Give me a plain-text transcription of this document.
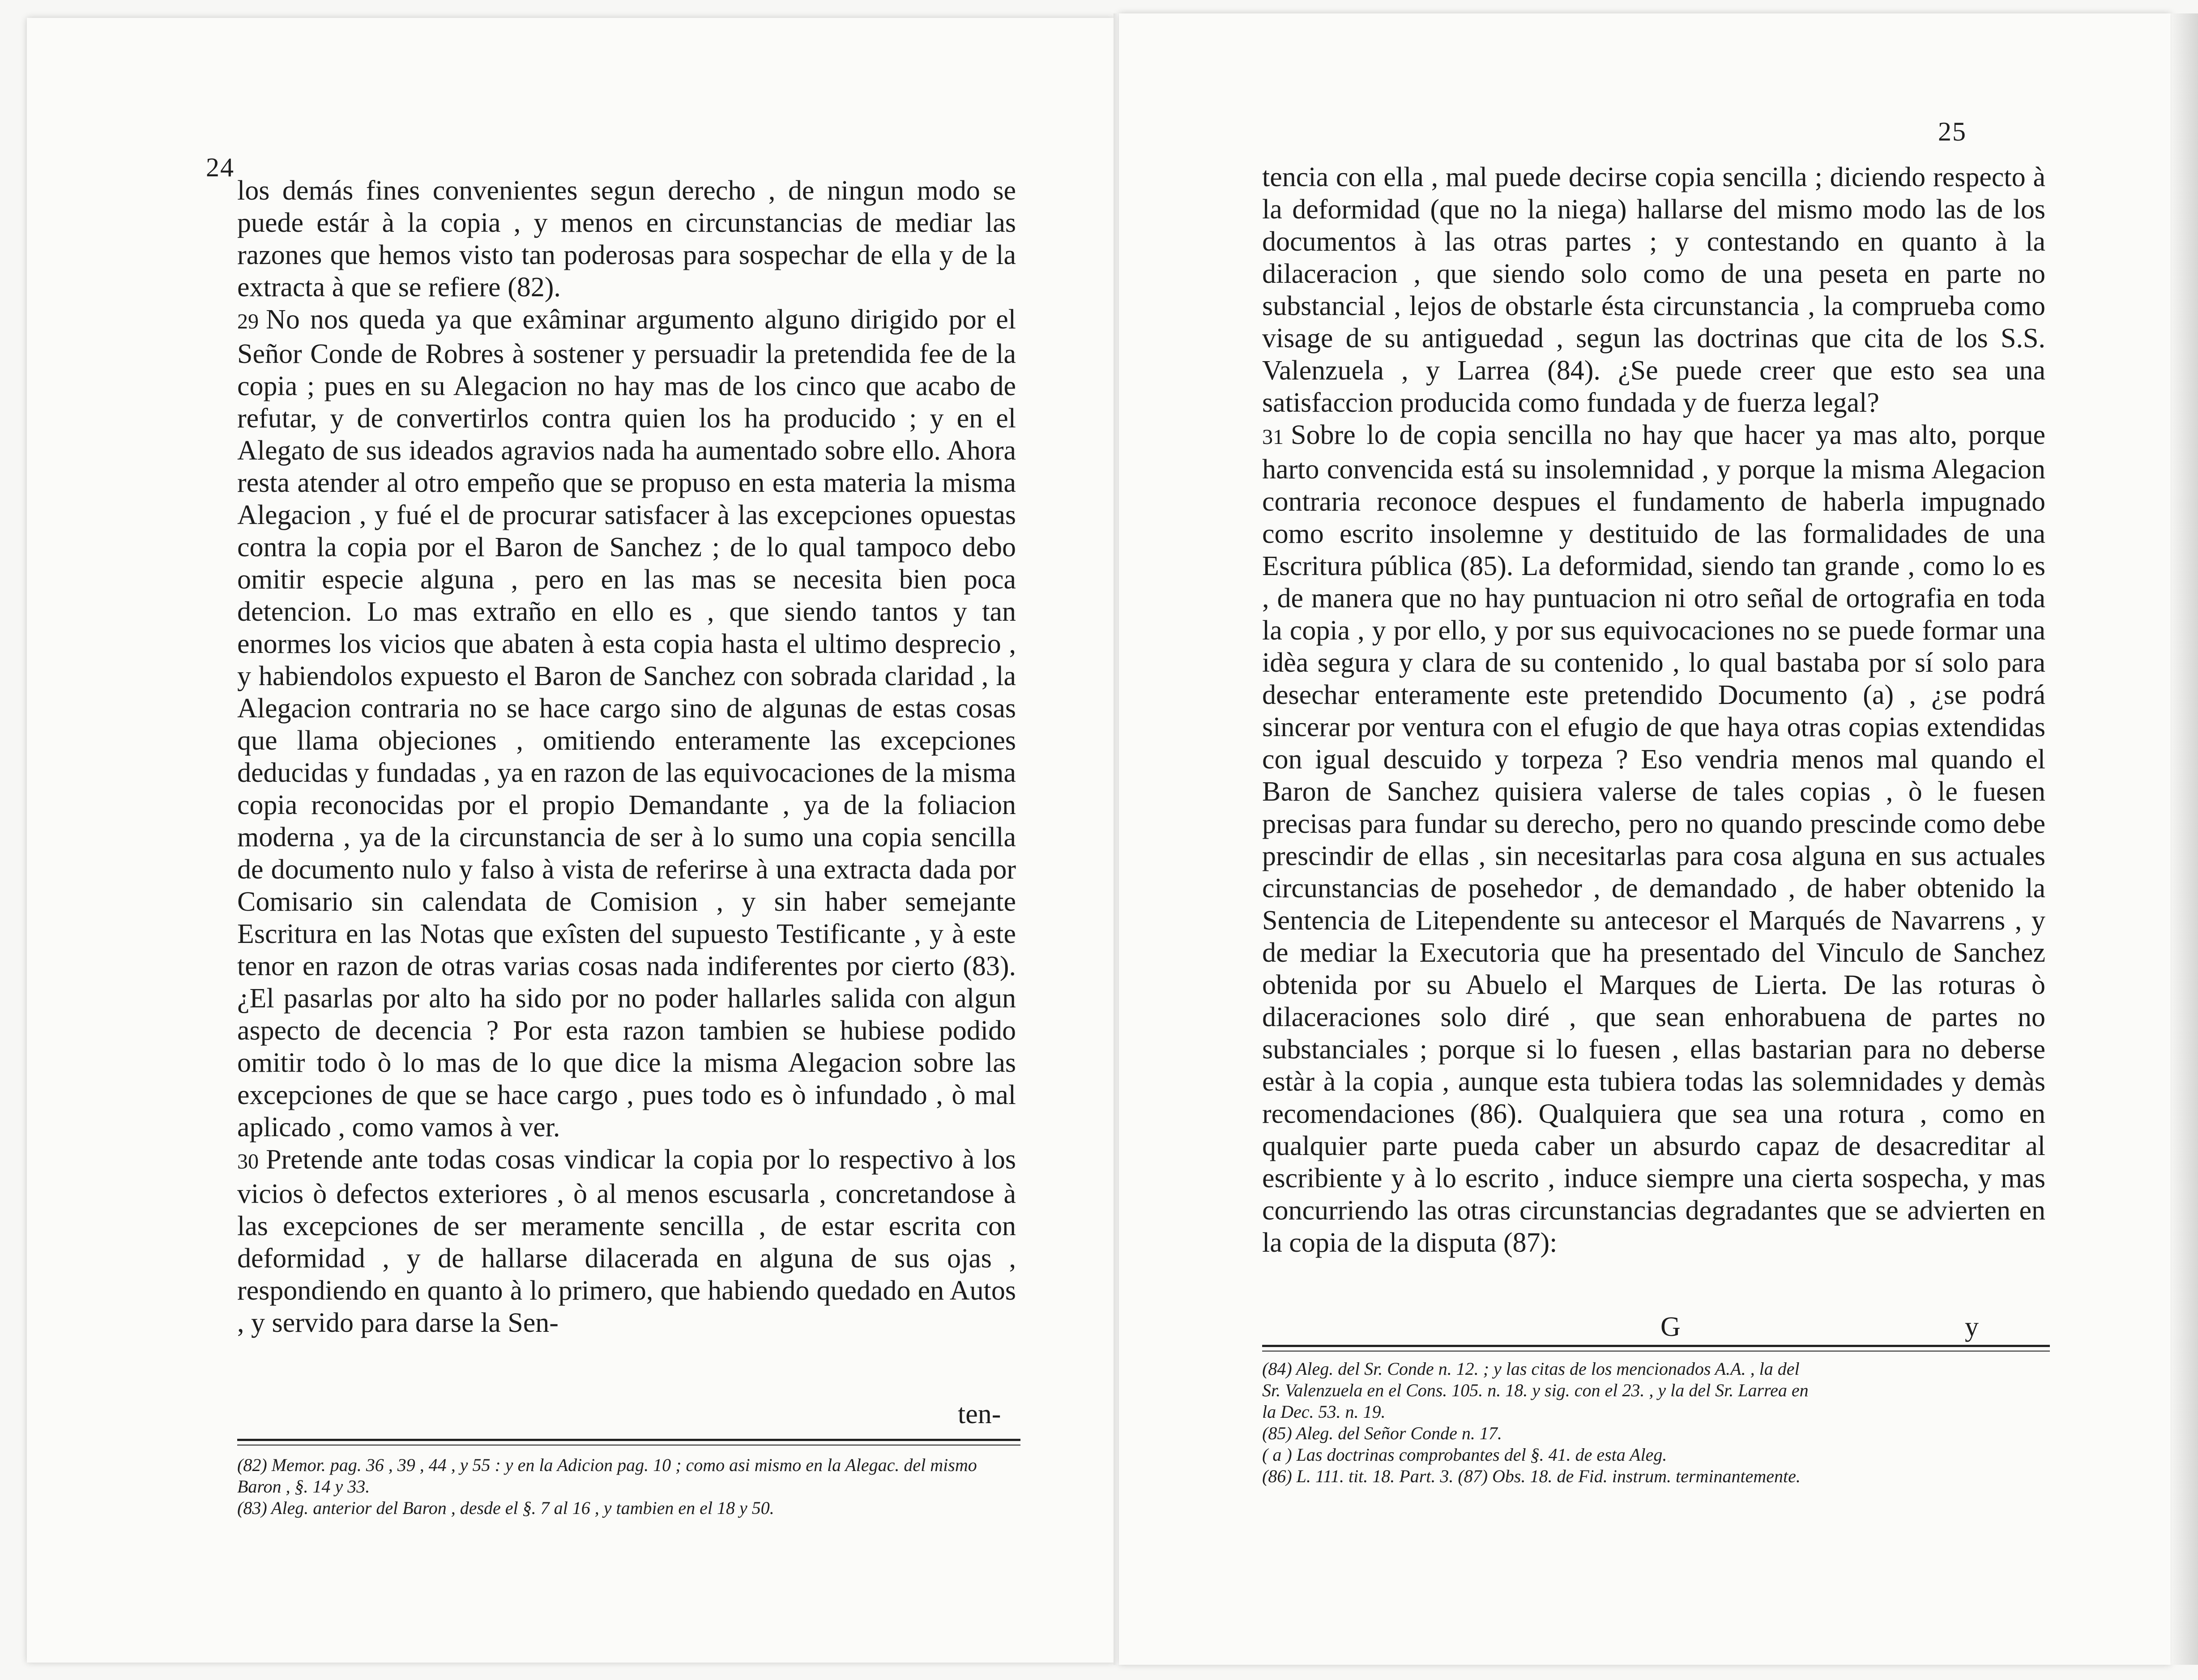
24

los demás fines convenientes segun derecho , de ningun modo se puede estár à la copia , y menos en circunstancias de mediar las razones que hemos visto tan poderosas para sospechar de ella y de la extracta à que se refiere (82).

29 No nos queda ya que exâminar argumento alguno dirigido por el Señor Conde de Robres à sostener y persuadir la pretendida fee de la copia ; pues en su Alegacion no hay mas de los cinco que acabo de refutar, y de convertirlos contra quien los ha producido ; y en el Alegato de sus ideados agravios nada ha aumentado sobre ello. Ahora resta atender al otro empeño que se propuso en esta materia la misma Alegacion , y fué el de procurar satisfacer à las excepciones opuestas contra la copia por el Baron de Sanchez ; de lo qual tampoco debo omitir especie alguna , pero en las mas se necesita bien poca detencion. Lo mas extraño en ello es , que siendo tantos y tan enormes los vicios que abaten à esta copia hasta el ultimo desprecio , y habiendolos expuesto el Baron de Sanchez con sobrada claridad , la Alegacion contraria no se hace cargo sino de algunas de estas cosas que llama objeciones , omitiendo enteramente las excepciones deducidas y fundadas , ya en razon de las equivocaciones de la misma copia reconocidas por el propio Demandante , ya de la foliacion moderna , ya de la circunstancia de ser à lo sumo una copia sencilla de documento nulo y falso à vista de referirse à una extracta dada por Comisario sin calendata de Comision , y sin haber semejante Escritura en las Notas que exîsten del supuesto Testificante , y à este tenor en razon de otras varias cosas nada indiferentes por cierto (83). ¿El pasarlas por alto ha sido por no poder hallarles salida con algun aspecto de decencia ? Por esta razon tambien se hubiese podido omitir todo ò lo mas de lo que dice la misma Alegacion sobre las excepciones de que se hace cargo , pues todo es ò infundado , ò mal aplicado , como vamos à ver.

30 Pretende ante todas cosas vindicar la copia por lo respectivo à los vicios ò defectos exteriores , ò al menos escusarla , concretandose à las excepciones de ser meramente sencilla , de estar escrita con deformidad , y de hallarse dilacerada en alguna de sus ojas , respondiendo en quanto à lo primero, que habiendo quedado en Autos , y servido para darse la Sen-

ten-
(82) Memor. pag. 36 , 39 , 44 , y 55 : y en la Adicion pag. 10 ; como asi mismo en la Alegac. del mismo Baron , §. 14 y 33.
(83) Aleg. anterior del Baron , desde el §. 7 al 16 , y tambien en el 18 y 50.
25

tencia con ella , mal puede decirse copia sencilla ; diciendo respecto à la deformidad (que no la niega) hallarse del mismo modo las de los documentos à las otras partes ; y contestando en quanto à la dilaceracion , que siendo solo como de una peseta en parte no substancial , lejos de obstarle ésta circunstancia , la comprueba como visage de su antiguedad , segun las doctrinas que cita de los S.S. Valenzuela , y Larrea (84). ¿Se puede creer que esto sea una satisfaccion producida como fundada y de fuerza legal?

31 Sobre lo de copia sencilla no hay que hacer ya mas alto, porque harto convencida está su insolemnidad , y porque la misma Alegacion contraria reconoce despues el fundamento de haberla impugnado como escrito insolemne y destituido de las formalidades de una Escritura pública (85). La deformidad, siendo tan grande , como lo es , de manera que no hay puntuacion ni otro señal de ortografia en toda la copia , y por ello, y por sus equivocaciones no se puede formar una idèa segura y clara de su contenido , lo qual bastaba por sí solo para desechar enteramente este pretendido Documento (a) , ¿se podrá sincerar por ventura con el efugio de que haya otras copias extendidas con igual descuido y torpeza ? Eso vendria menos mal quando el Baron de Sanchez quisiera valerse de tales copias , ò le fuesen precisas para fundar su derecho, pero no quando prescinde como debe prescindir de ellas , sin necesitarlas para cosa alguna en sus actuales circunstancias de posehedor , de demandado , de haber obtenido la Sentencia de Litependente su antecesor el Marqués de Navarrens , y de mediar la Executoria que ha presentado del Vinculo de Sanchez obtenida por su Abuelo el Marques de Lierta. De las roturas ò dilaceraciones solo diré , que sean enhorabuena de partes no substanciales ; porque si lo fuesen , ellas bastarian para no deberse estàr à la copia , aunque esta tubiera todas las solemnidades y demàs recomendaciones (86). Qualquiera que sea una rotura , como en qualquier parte pueda caber un absurdo capaz de desacreditar al escribiente y à lo escrito , induce siempre una cierta sospecha, y mas concurriendo las otras circunstancias degradantes que se advierten en la copia de la disputa (87):

G	y
(84) Aleg. del Sr. Conde n. 12. ; y las citas de los mencionados A.A. , la del
Sr. Valenzuela en el Cons. 105. n. 18. y sig. con el 23. , y la del Sr. Larrea en
la Dec. 53. n. 19.
(85) Aleg. del Señor Conde n. 17.
( a ) Las doctrinas comprobantes del §. 41. de esta Aleg.
(86) L. 111. tit. 18. Part. 3. (87) Obs. 18. de Fid. instrum. terminantemente.
